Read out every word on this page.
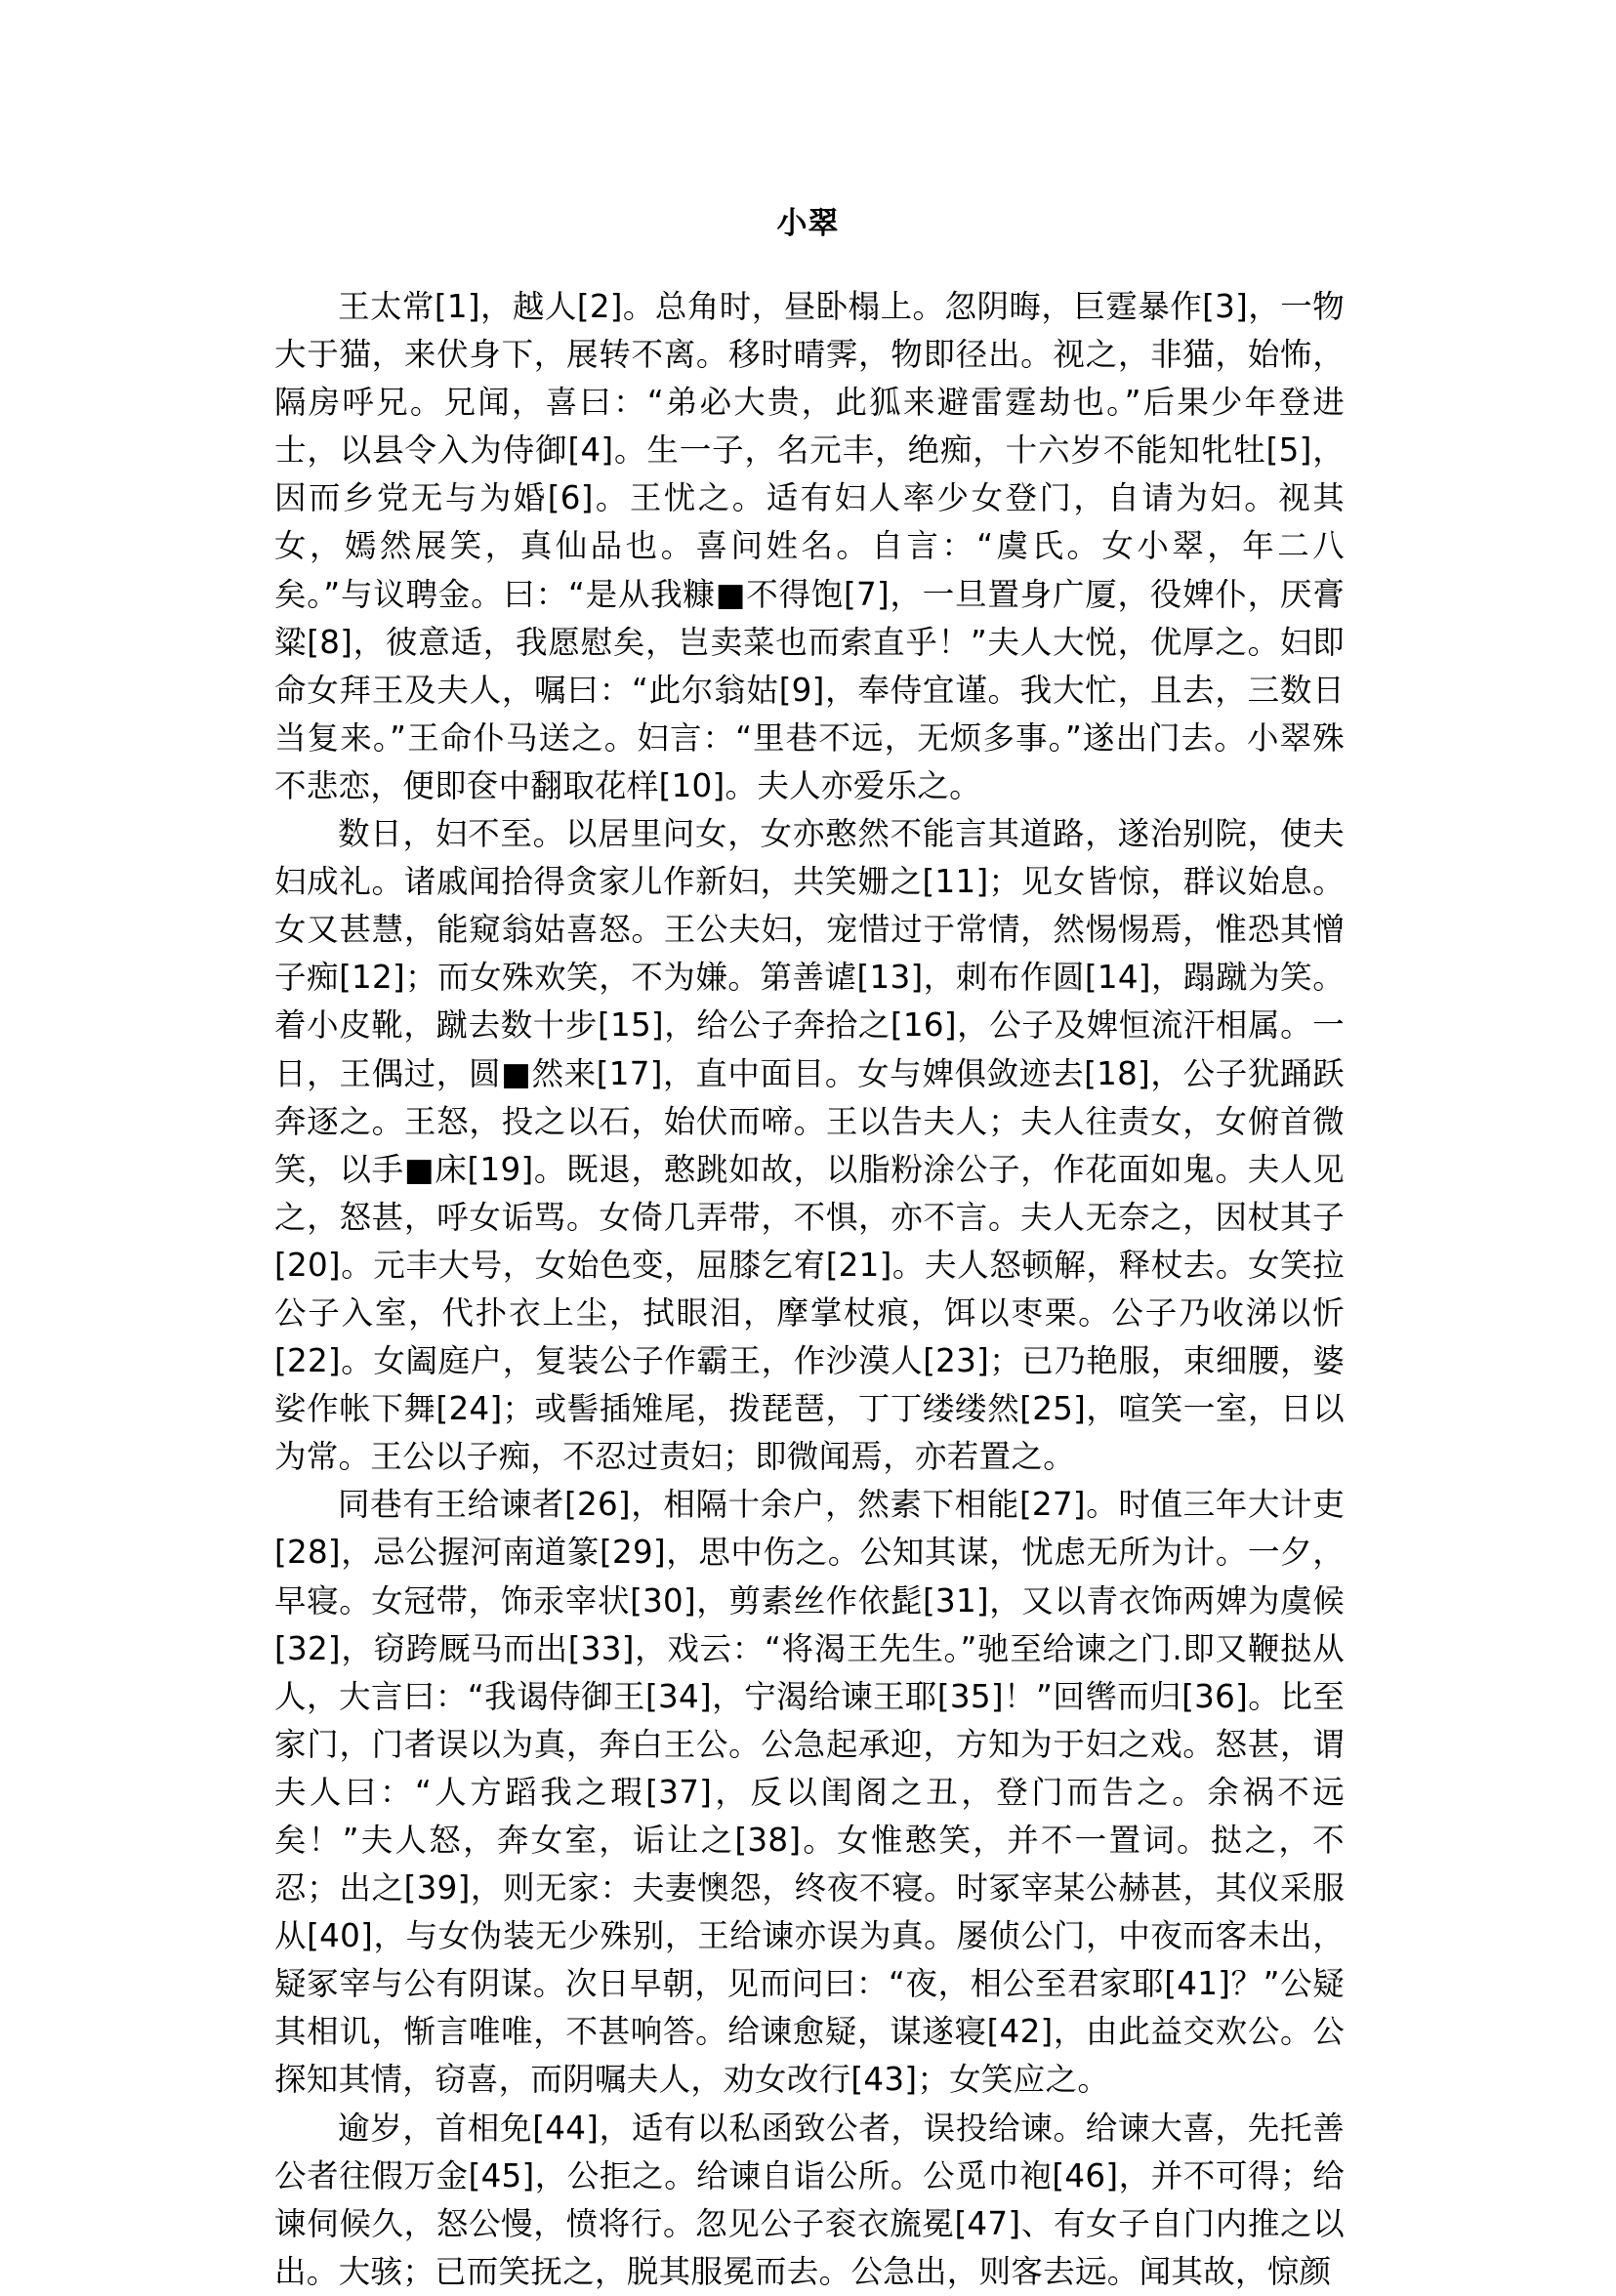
小翠

王太常[1]，越人[2]。总角时，昼卧榻上。忽阴晦，巨霆暴作[3]，一物大于猫，来伏身下，展转不离。移时晴霁，物即径出。视之，非猫，始怖，隔房呼兄。兄闻，喜曰：“弟必大贵，此狐来避雷霆劫也。”后果少年登进士，以县令入为侍御[4]。生一子，名元丰，绝痴，十六岁不能知牝牡[5]，因而乡党无与为婚[6]。王忧之。适有妇人率少女登门，自请为妇。视其女，嫣然展笑，真仙品也。喜问姓名。自言：“虞氏。女小翠，年二八矣。”与议聘金。曰：“是从我糠■不得饱[7]，一旦置身广厦，役婢仆，厌膏粱[8]，彼意适，我愿慰矣，岂卖菜也而索直乎！”夫人大悦，优厚之。妇即命女拜王及夫人，嘱曰：“此尔翁姑[9]，奉侍宜谨。我大忙，且去，三数日当复来。”王命仆马送之。妇言：“里巷不远，无烦多事。”遂出门去。小翠殊不悲恋，便即奁中翻取花样[10]。夫人亦爱乐之。

数日，妇不至。以居里问女，女亦憨然不能言其道路，遂治别院，使夫妇成礼。诸戚闻拾得贪家儿作新妇，共笑姗之[11]；见女皆惊，群议始息。女又甚慧，能窥翁姑喜怒。王公夫妇，宠惜过于常情，然惕惕焉，惟恐其憎子痴[12]；而女殊欢笑，不为嫌。第善谑[13]，刺布作圆[14]，蹋蹴为笑。着小皮靴，蹴去数十步[15]，给公子奔拾之[16]，公子及婢恒流汗相属。一日，王偶过，圆■然来[17]，直中面目。女与婢俱敛迹去[18]，公子犹踊跃奔逐之。王怒，投之以石，始伏而啼。王以告夫人；夫人往责女，女俯首微笑，以手■床[19]。既退，憨跳如故，以脂粉涂公子，作花面如鬼。夫人见之，怒甚，呼女诟骂。女倚几弄带，不惧，亦不言。夫人无奈之，因杖其子[20]。元丰大号，女始色变，屈膝乞宥[21]。夫人怒顿解，释杖去。女笑拉公子入室，代扑衣上尘，拭眼泪，摩掌杖痕，饵以枣栗。公子乃收涕以忻[22]。女阖庭户，复装公子作霸王，作沙漠人[23]；已乃艳服，束细腰，婆娑作帐下舞[24]；或髻插雉尾，拨琵琶，丁丁缕缕然[25]，喧笑一室，日以为常。王公以子痴，不忍过责妇；即微闻焉，亦若置之。

同巷有王给谏者[26]，相隔十余户，然素下相能[27]。时值三年大计吏[28]，忌公握河南道篆[29]，思中伤之。公知其谋，忧虑无所为计。一夕，早寝。女冠带，饰汞宰状[30]，剪素丝作依髭[31]，又以青衣饰两婢为虞候[32]，窃跨厩马而出[33]，戏云：“将渴王先生。”驰至给谏之门.即又鞭挞从人，大言曰：“我谒侍御王[34]，宁渴给谏王耶[35]！”回辔而归[36]。比至家门，门者误以为真，奔白王公。公急起承迎，方知为于妇之戏。怒甚，谓夫人曰：“人方蹈我之瑕[37]，反以闺阁之丑，登门而告之。余祸不远矣！”夫人怒，奔女室，诟让之[38]。女惟憨笑，并不一置词。挞之，不忍；出之[39]，则无家：夫妻懊怨，终夜不寝。时冢宰某公赫甚，其仪采服从[40]，与女伪装无少殊别，王给谏亦误为真。屡侦公门，中夜而客未出，疑冢宰与公有阴谋。次日早朝，见而问曰：“夜，相公至君家耶[41]？”公疑其相讥，惭言唯唯，不甚响答。给谏愈疑，谋遂寝[42]，由此益交欢公。公探知其情，窃喜，而阴嘱夫人，劝女改行[43]；女笑应之。

逾岁，首相免[44]，适有以私函致公者，误投给谏。给谏大喜，先托善公者往假万金[45]，公拒之。给谏自诣公所。公觅巾袍[46]，并不可得；给谏伺候久，怒公慢，愤将行。忽见公子衮衣旒冕[47]、有女子自门内推之以出。大骇；已而笑抚之，脱其服冕而去。公急出，则客去远。闻其故，惊颜
